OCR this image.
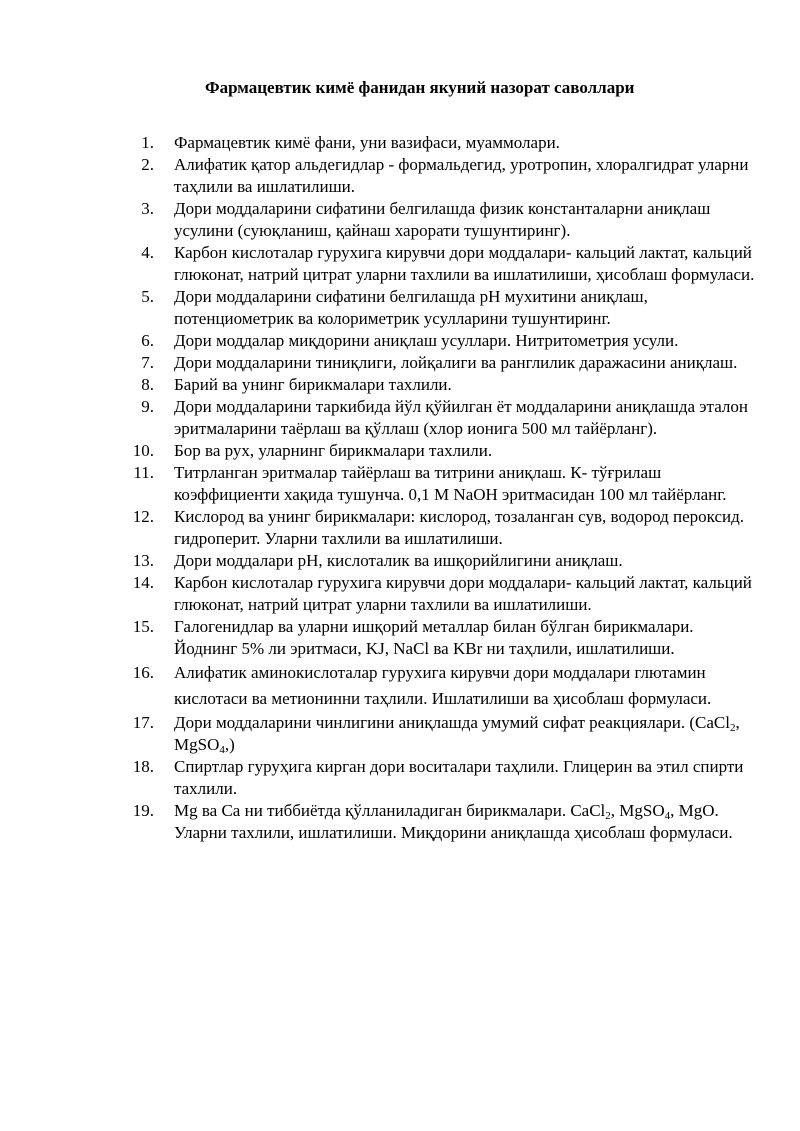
Фармацевтик кимё фанидан якуний назорат саволлари
1. Фармацевтик кимё фани, уни вазифаси, муаммолари.
2. Алифатик қатор альдегидлар - формальдегид, уротропин, хлоралгидрат уларни таҳлили ва ишлатилиши.
3. Дори моддаларини сифатини белгилашда физик константаларни аниқлаш усулини (суюқланиш, қайнаш харорати тушунтиринг).
4. Карбон кислоталар гурухига кирувчи дори моддалари- кальций лактат, кальций глюконат, натрий цитрат уларни тахлили ва ишлатилиши, ҳисоблаш формуласи.
5. Дори моддаларини сифатини белгилашда рН мухитини аниқлаш, потенциометрик ва колориметрик усулларини тушунтиринг.
6. Дори моддалар миқдорини аниқлаш усуллари. Нитритометрия усули.
7. Дори моддаларини тиниқлиги, лойқалиги ва ранглилик даражасини аниқлаш.
8. Барий ва унинг бирикмалари тахлили.
9. Дори моддаларини таркибида йўл қўйилган ёт моддаларини аниқлашда эталон эритмаларини таёрлаш ва қўллаш (хлор ионига 500 мл тайёрланг).
10. Бор ва рух, уларнинг бирикмалари тахлили.
11. Титрланган эритмалар тайёрлаш ва титрини аниқлаш. К- тўғрилаш коэффициенти хақида тушунча. 0,1 М NaOH эритмасидан 100 мл тайёрланг.
12. Кислород ва унинг бирикмалари: кислород, тозаланган сув, водород пероксид. гидроперит. Уларни тахлили ва ишлатилиши.
13. Дори моддалари рН, кислоталик ва ишқорийлигини аниқлаш.
14. Карбон кислоталар гурухига кирувчи дори моддалари- кальций лактат, кальций глюконат, натрий цитрат уларни тахлили ва ишлатилиши.
15. Галогенидлар ва уларни ишқорий металлар билан бўлган бирикмалари. Йоднинг 5% ли эритмаси, KJ, NaCl ва KBr ни таҳлили, ишлатилиши.
16. Алифатик аминокислоталар гурухига кирувчи дори моддалари глютамин кислотаси ва метионинни таҳлили. Ишлатилиши ва ҳисоблаш формуласи.
17. Дори моддаларини чинлигини аниқлашда умумий сифат реакциялари. (CaCl$_2$, MgSO$_4$,)
18. Спиртлар гуруҳига кирган дори воситалари таҳлили. Глицерин ва этил спирти тахлили.
19. Mg ва Ca ни тиббиётда қўлланиладиган бирикмалари. CaCl$_2$, MgSO$_4$, MgO. Уларни тахлили, ишлатилиши. Миқдорини аниқлашда ҳисоблаш формуласи.
